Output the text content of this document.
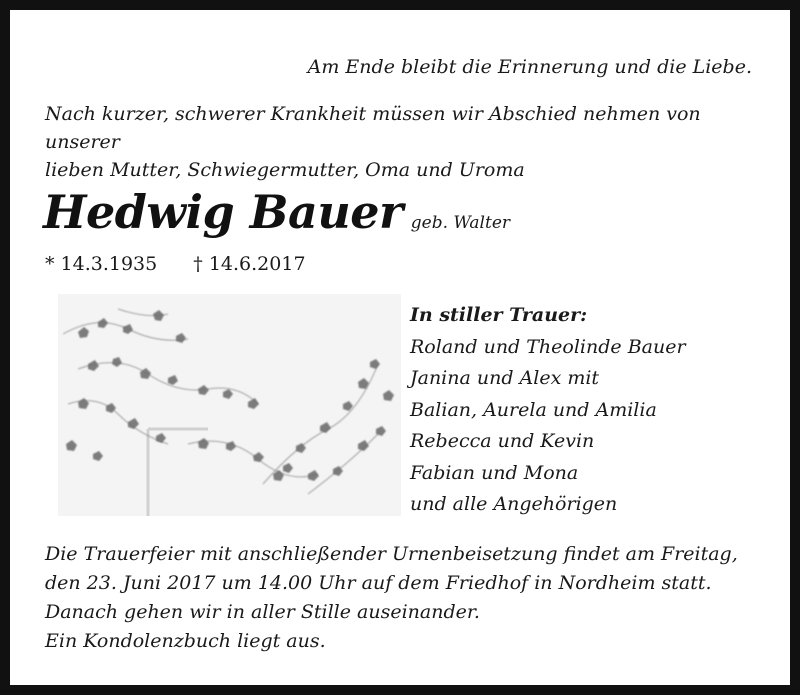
Am Ende bleibt die Erinnerung und die Liebe.
Nach kurzer, schwerer Krankheit müssen wir Abschied nehmen von unserer
lieben Mutter, Schwiegermutter, Oma und Uroma
Hedwig Bauer geb. Walter
* 14.3.1935 † 14.6.2017
In stiller Trauer:
Roland und Theolinde Bauer
Janina und Alex mit
Balian, Aurela und Amilia
Rebecca und Kevin
Fabian und Mona
und alle Angehörigen
Die Trauerfeier mit anschließender Urnenbeisetzung findet am Freitag,
den 23. Juni 2017 um 14.00 Uhr auf dem Friedhof in Nordheim statt.
Danach gehen wir in aller Stille auseinander.
Ein Kondolenzbuch liegt aus.
